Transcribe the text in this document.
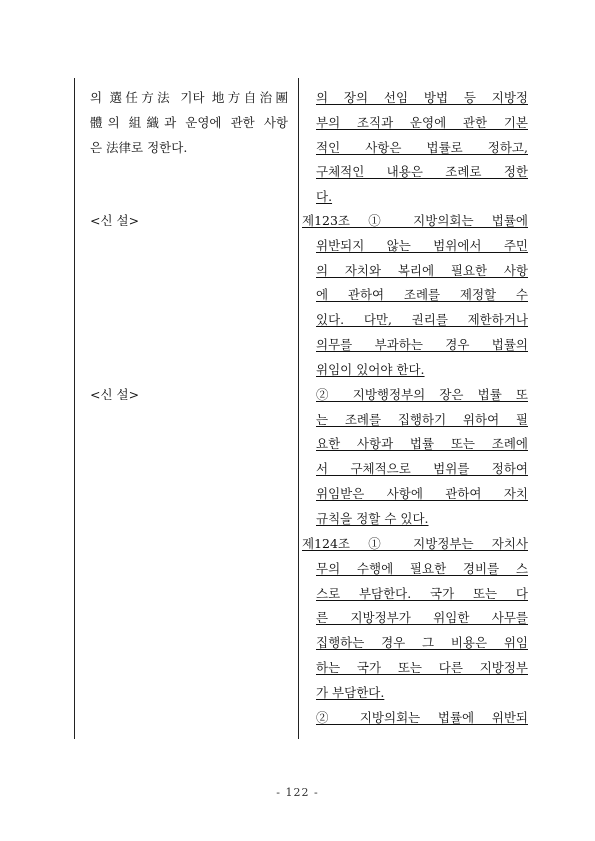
의 選任方法 기타 地方自治團
體의 組織과 운영에 관한 사항
은 法律로 정한다.
<신 설>
<신 설>
의 장의 선임 방법 등 지방정
부의 조직과 운영에 관한 기본
적인 사항은 법률로 정하고,
구체적인 내용은 조례로 정한
다.
제123조 ① 지방의회는 법률에
위반되지 않는 범위에서 주민
의 자치와 복리에 필요한 사항
에 관하여 조례를 제정할 수
있다. 다만, 권리를 제한하거나
의무를 부과하는 경우 법률의
위임이 있어야 한다.
② 지방행정부의 장은 법률 또
는 조례를 집행하기 위하여 필
요한 사항과 법률 또는 조례에
서 구체적으로 범위를 정하여
위임받은 사항에 관하여 자치
규칙을 정할 수 있다.
제124조 ① 지방정부는 자치사
무의 수행에 필요한 경비를 스
스로 부담한다. 국가 또는 다
른 지방정부가 위임한 사무를
집행하는 경우 그 비용은 위임
하는 국가 또는 다른 지방정부
가 부담한다.
② 지방의회는 법률에 위반되
- 122 -
